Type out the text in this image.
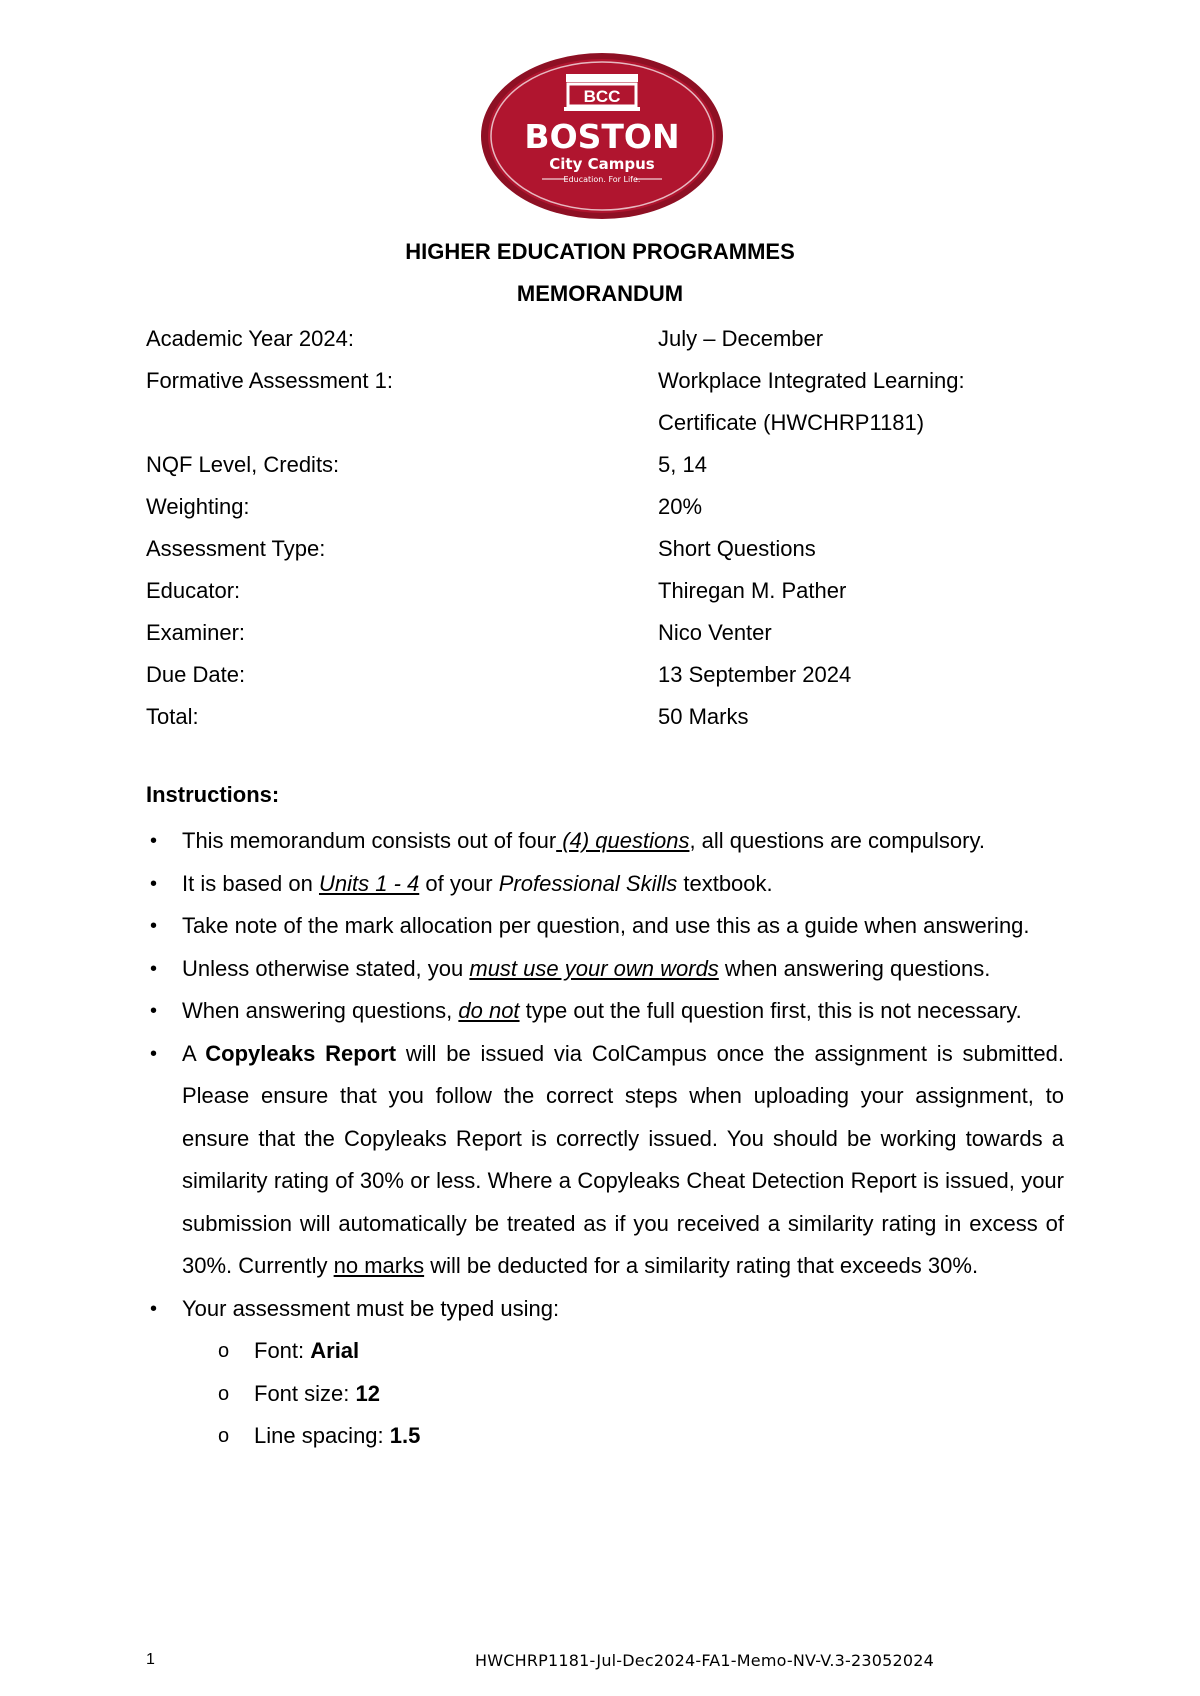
BCC
BOSTON
City Campus
Education. For Life.
HIGHER EDUCATION PROGRAMMES
MEMORANDUM
Academic Year 2024:	July – December
Formative Assessment 1:	Workplace Integrated Learning:
Certificate (HWCHRP1181)
NQF Level, Credits:	5, 14
Weighting:	20%
Assessment Type:	Short Questions
Educator:	Thiregan M. Pather
Examiner:	Nico Venter
Due Date:	13 September 2024
Total:	50 Marks
Instructions:
• This memorandum consists out of four (4) questions, all questions are compulsory.
• It is based on Units 1 - 4 of your Professional Skills textbook.
• Take note of the mark allocation per question, and use this as a guide when answering.
• Unless otherwise stated, you must use your own words when answering questions.
• When answering questions, do not type out the full question first, this is not necessary.
• A Copyleaks Report will be issued via ColCampus once the assignment is submitted. Please ensure that you follow the correct steps when uploading your assignment, to ensure that the Copyleaks Report is correctly issued. You should be working towards a similarity rating of 30% or less. Where a Copyleaks Cheat Detection Report is issued, your submission will automatically be treated as if you received a similarity rating in excess of 30%. Currently no marks will be deducted for a similarity rating that exceeds 30%.
• Your assessment must be typed using:
o Font: Arial
o Font size: 12
o Line spacing: 1.5
1	HWCHRP1181-Jul-Dec2024-FA1-Memo-NV-V.3-23052024
